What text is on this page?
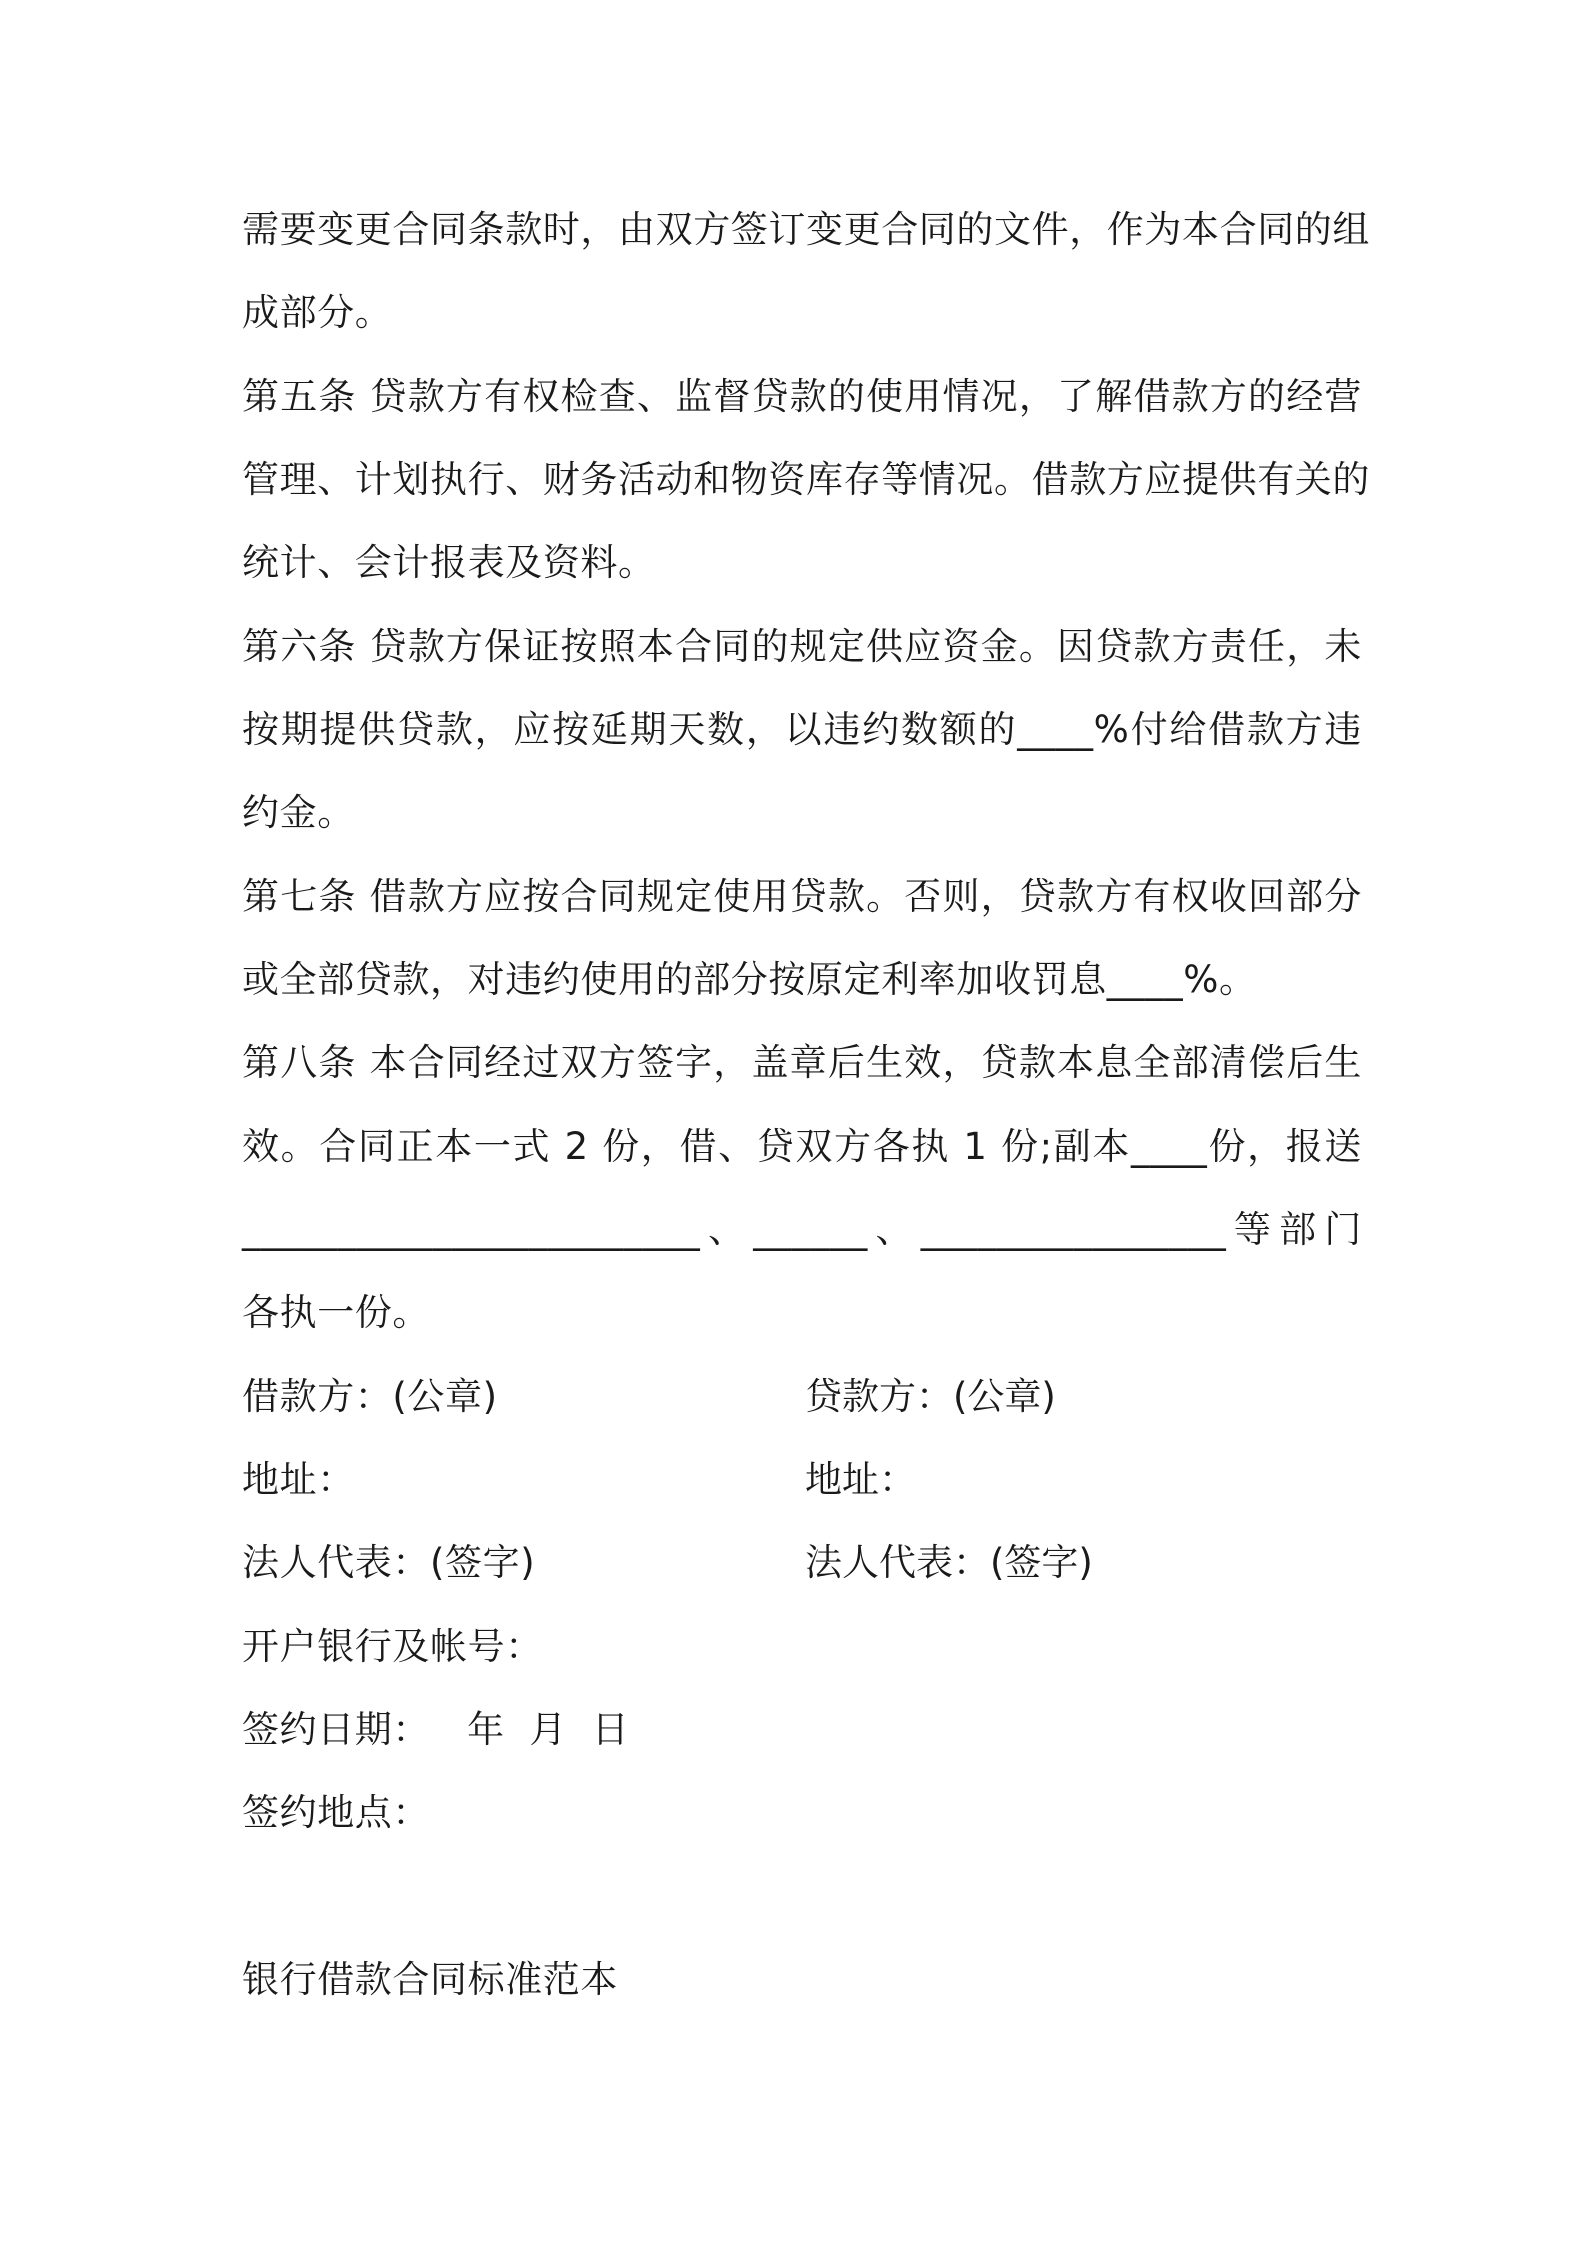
需要变更合同条款时，由双方签订变更合同的文件，作为本合同的组
成部分。
第五条 贷款方有权检查、监督贷款的使用情况，了解借款方的经营
管理、计划执行、财务活动和物资库存等情况。借款方应提供有关的
统计、会计报表及资料。
第六条 贷款方保证按照本合同的规定供应资金。因贷款方责任，未
按期提供贷款，应按延期天数，以违约数额的____%付给借款方违
约金。
第七条 借款方应按合同规定使用贷款。否则，贷款方有权收回部分
或全部贷款，对违约使用的部分按原定利率加收罚息____%。
第八条 本合同经过双方签字，盖章后生效，贷款本息全部清偿后生
效。合同正本一式 2 份，借、贷双方各执 1 份;副本____份，报送
________________________、______、________________等部门
各执一份。
借款方：(公章)	贷款方：(公章)
地址：	地址：
法人代表：(签字)	法人代表：(签字)
开户银行及帐号：
签约日期：   年  月  日
签约地点：
银行借款合同标准范本
